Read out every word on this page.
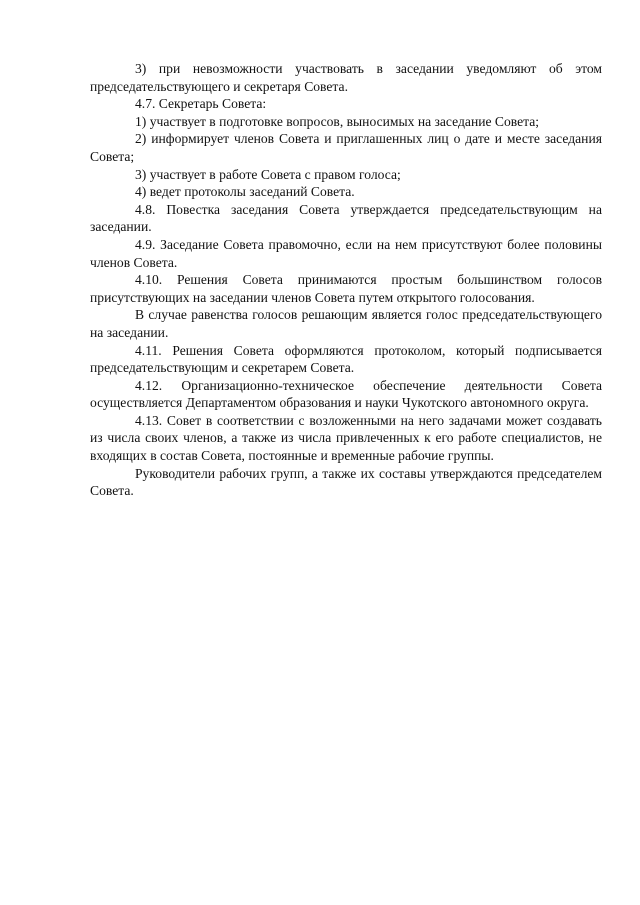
3) при невозможности участвовать в заседании уведомляют об этом председательствующего и секретаря Совета.

4.7. Секретарь Совета:

1) участвует в подготовке вопросов, выносимых на заседание Совета;

2) информирует членов Совета и приглашенных лиц о дате и месте заседания Совета;

3) участвует в работе Совета с правом голоса;

4) ведет протоколы заседаний Совета.

4.8. Повестка заседания Совета утверждается председательствующим на заседании.

4.9. Заседание Совета правомочно, если на нем присутствуют более половины членов Совета.

4.10. Решения Совета принимаются простым большинством голосов присутствующих на заседании членов Совета путем открытого голосования.

В случае равенства голосов решающим является голос председательствующего на заседании.

4.11. Решения Совета оформляются протоколом, который подписывается председательствующим и секретарем Совета.

4.12. Организационно-техническое обеспечение деятельности Совета осуществляется Департаментом образования и науки Чукотского автономного округа.

4.13. Совет в соответствии с возложенными на него задачами может создавать из числа своих членов, а также из числа привлеченных к его работе специалистов, не входящих в состав Совета, постоянные и временные рабочие группы.

Руководители рабочих групп, а также их составы утверждаются председателем Совета.
